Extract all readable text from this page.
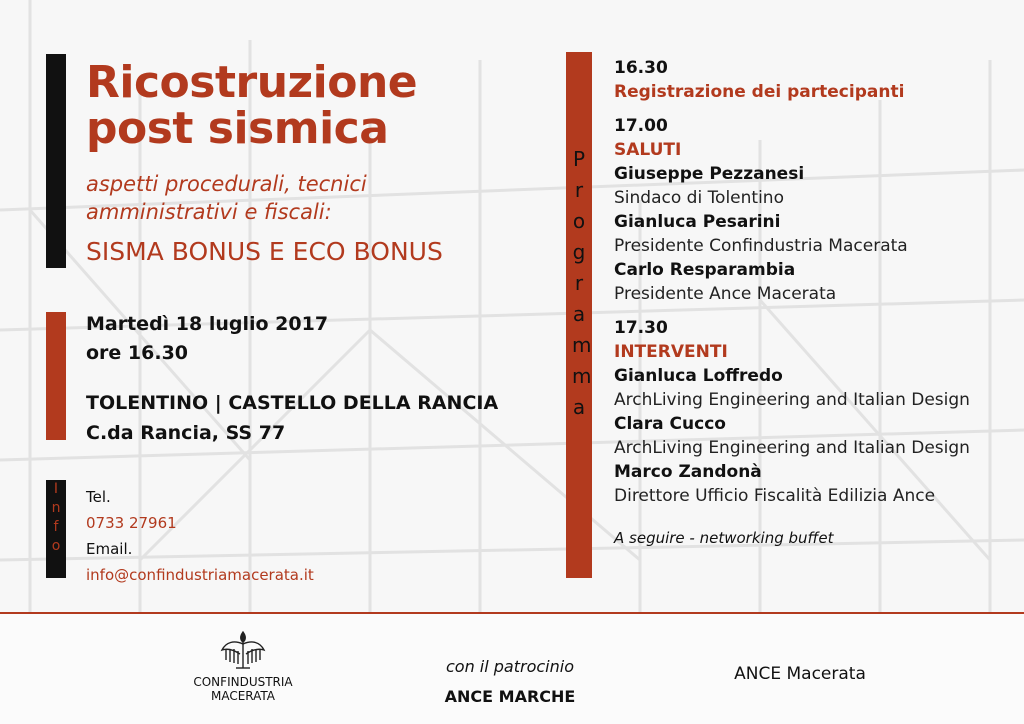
Info
Ricostruzione
post sismica
aspetti procedurali, tecnici
amministrativi e fiscali:
SISMA BONUS E ECO BONUS
Martedì 18 luglio 2017
ore 16.30
TOLENTINO | CASTELLO DELLA RANCIA
C.da Rancia, SS 77
Tel.
0733 27961
Email.
info@confindustriamacerata.it
Programma
16.30
Registrazione dei partecipanti
17.00
SALUTI
Giuseppe Pezzanesi
Sindaco di Tolentino
Gianluca Pesarini
Presidente Confindustria Macerata
Carlo Resparambia
Presidente Ance Macerata
17.30
INTERVENTI
Gianluca Loffredo
ArchLiving Engineering and Italian Design
Clara Cucco
ArchLiving Engineering and Italian Design
Marco Zandonà
Direttore Ufficio Fiscalità Edilizia Ance
A seguire - networking buffet
CONFINDUSTRIA
MACERATA
con il patrocinio
ANCE MARCHE
ANCE Macerata
